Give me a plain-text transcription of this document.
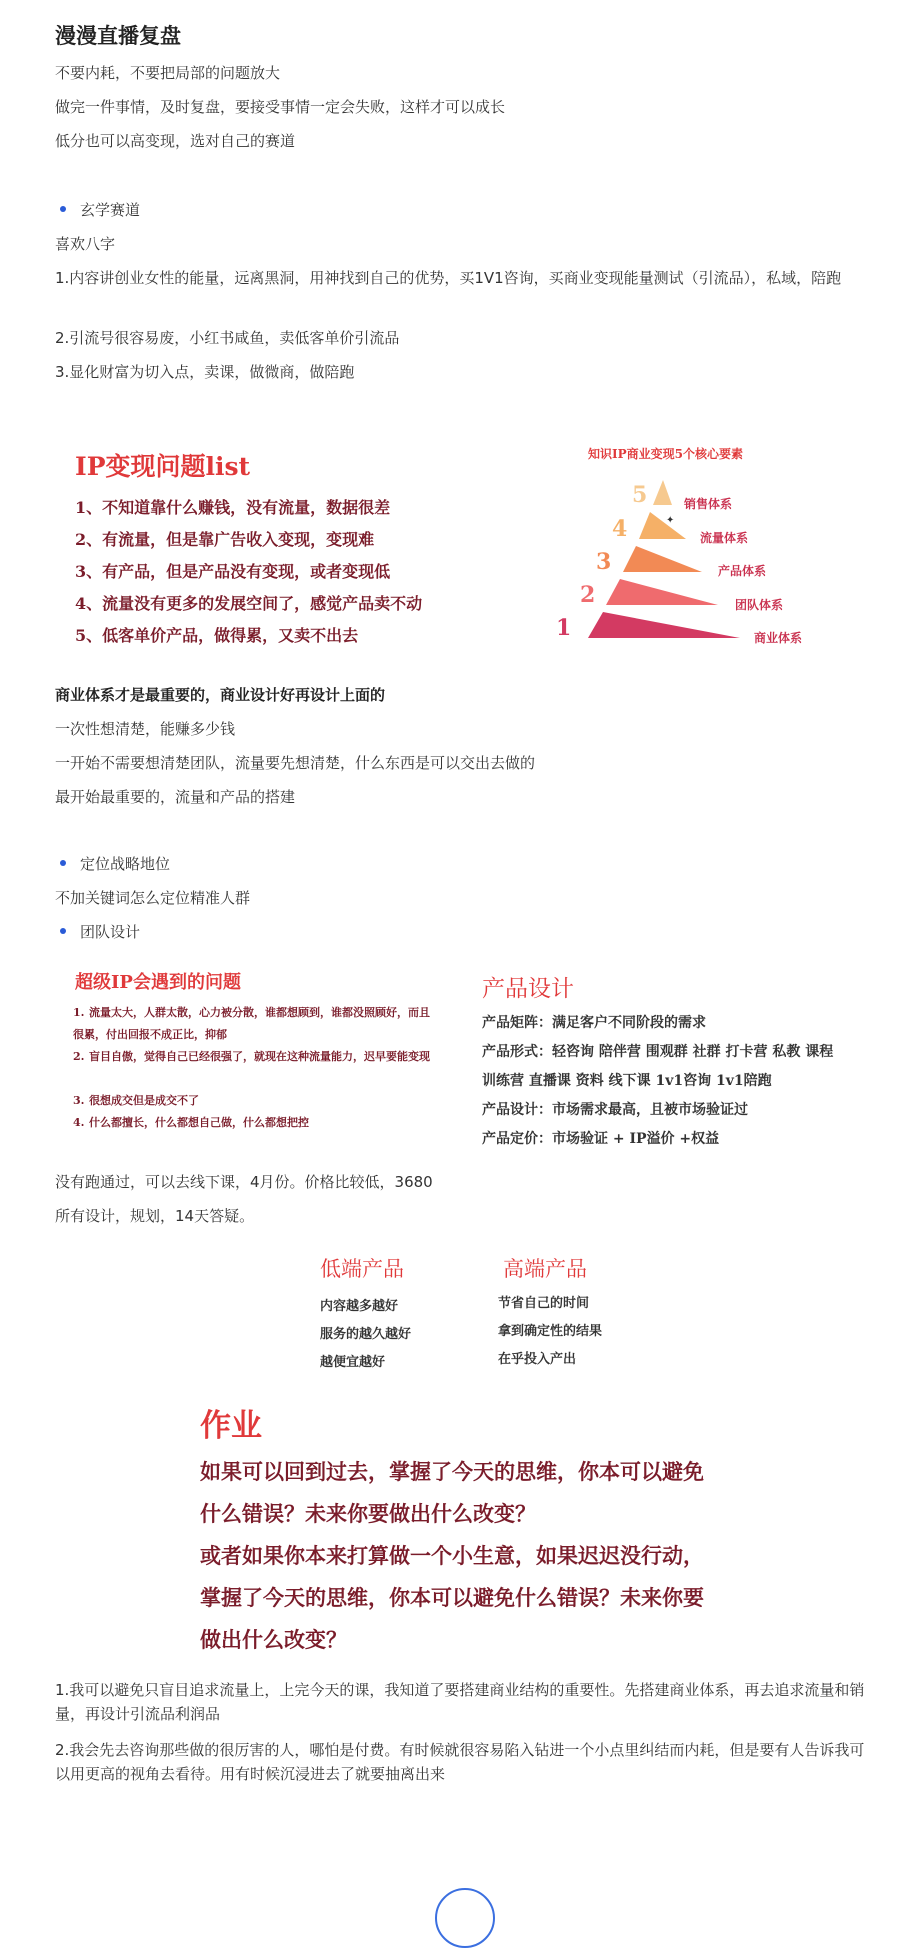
漫漫直播复盘
不要内耗，不要把局部的问题放大
做完一件事情，及时复盘，要接受事情一定会失败，这样才可以成长
低分也可以高变现，选对自己的赛道
玄学赛道
喜欢八字
1.内容讲创业女性的能量，远离黑洞，用神找到自己的优势，买1V1咨询，买商业变现能量测试（引流品），私域，陪跑
2.引流号很容易废，小红书咸鱼，卖低客单价引流品
3.显化财富为切入点，卖课，做微商，做陪跑
IP变现问题list
1、不知道靠什么赚钱，没有流量，数据很差
2、有流量，但是靠广告收入变现，变现难
3、有产品，但是产品没有变现，或者变现低
4、流量没有更多的发展空间了，感觉产品卖不动
5、低客单价产品，做得累，又卖不出去
知识IP商业变现5个核心要素
✦
5
4
3
2
1
销售体系
流量体系
产品体系
团队体系
商业体系
商业体系才是最重要的，商业设计好再设计上面的
一次性想清楚，能赚多少钱
一开始不需要想清楚团队，流量要先想清楚，什么东西是可以交出去做的
最开始最重要的，流量和产品的搭建
定位战略地位
不加关键词怎么定位精准人群
团队设计
超级IP会遇到的问题
1. 流量太大，人群太散，心力被分散，谁都想顾到，谁都没照顾好，而且很累，付出回报不成正比，抑郁
2. 盲目自傲，觉得自己已经很强了，就现在这种流量能力，迟早要能变现
3. 很想成交但是成交不了
4. 什么都擅长，什么都想自己做，什么都想把控
产品设计
产品矩阵：满足客户不同阶段的需求
产品形式：轻咨询 陪伴营 围观群 社群 打卡营 私教 课程
训练营 直播课 资料 线下课 1v1咨询 1v1陪跑
产品设计：市场需求最高，且被市场验证过
产品定价：市场验证 + IP溢价 +权益
没有跑通过，可以去线下课，4月份。价格比较低，3680
所有设计，规划，14天答疑。
低端产品
内容越多越好
服务的越久越好
越便宜越好
高端产品
节省自己的时间
拿到确定性的结果
在乎投入产出
作业
如果可以回到过去，掌握了今天的思维，你本可以避免
什么错误？未来你要做出什么改变？
或者如果你本来打算做一个小生意，如果迟迟没行动，
掌握了今天的思维，你本可以避免什么错误？未来你要
做出什么改变？
1.我可以避免只盲目追求流量上，上完今天的课，我知道了要搭建商业结构的重要性。先搭建商业体系，再去追求流量和销量，再设计引流品利润品
2.我会先去咨询那些做的很厉害的人，哪怕是付费。有时候就很容易陷入钻进一个小点里纠结而内耗，但是要有人告诉我可以用更高的视角去看待。用有时候沉浸进去了就要抽离出来
